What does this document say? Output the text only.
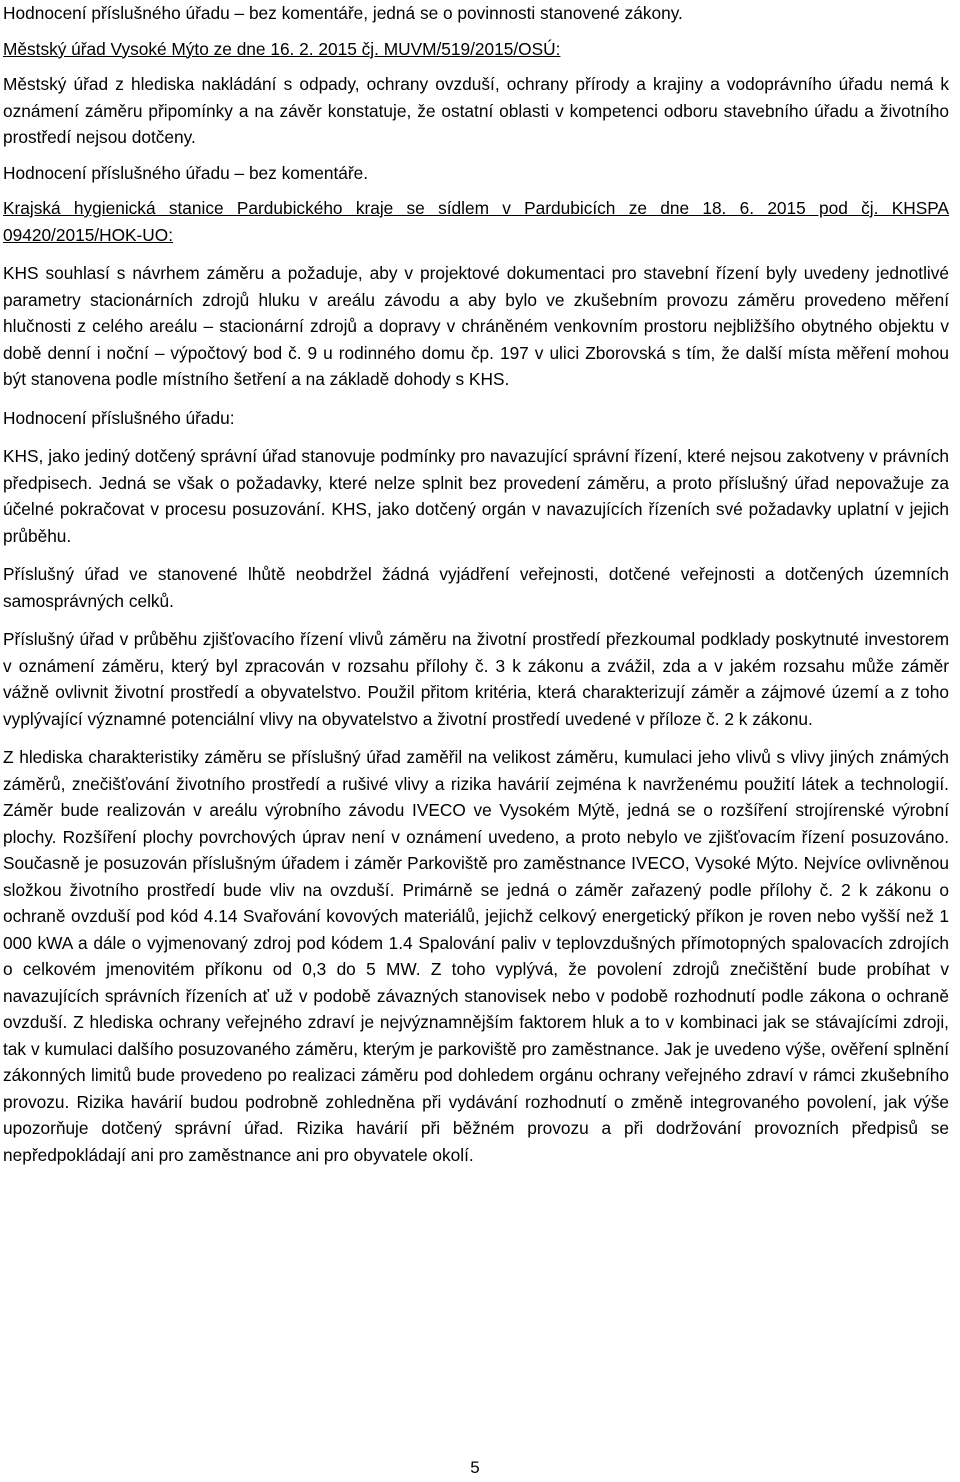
Hodnocení příslušného úřadu – bez komentáře, jedná se o povinnosti stanovené zákony.

Městský úřad Vysoké Mýto ze dne 16. 2. 2015 čj. MUVM/519/2015/OSÚ:

Městský úřad z hlediska nakládání s odpady, ochrany ovzduší, ochrany přírody a krajiny a vodoprávního úřadu nemá k oznámení záměru připomínky a na závěr konstatuje, že ostatní oblasti v kompetenci odboru stavebního úřadu a životního prostředí nejsou dotčeny.

Hodnocení příslušného úřadu – bez komentáře.

Krajská hygienická stanice Pardubického kraje se sídlem v Pardubicích ze dne 18. 6. 2015 pod čj. KHSPA 09420/2015/HOK-UO:

KHS souhlasí s návrhem záměru a požaduje, aby v projektové dokumentaci pro stavební řízení byly uvedeny jednotlivé parametry stacionárních zdrojů hluku v areálu závodu a aby bylo ve zkušebním provozu záměru provedeno měření hlučnosti z celého areálu – stacionární zdrojů a dopravy v chráněném venkovním prostoru nejbližšího obytného objektu v době denní i noční – výpočtový bod č. 9 u rodinného domu čp. 197 v ulici Zborovská s tím, že další místa měření mohou být stanovena podle místního šetření a na základě dohody s KHS.

Hodnocení příslušného úřadu:

KHS, jako jediný dotčený správní úřad stanovuje podmínky pro navazující správní řízení, které nejsou zakotveny v právních předpisech. Jedná se však o požadavky, které nelze splnit bez provedení záměru, a proto příslušný úřad nepovažuje za účelné pokračovat v procesu posuzování. KHS, jako dotčený orgán v navazujících řízeních své požadavky uplatní v jejich průběhu.

Příslušný úřad ve stanovené lhůtě neobdržel žádná vyjádření veřejnosti, dotčené veřejnosti a dotčených územních samosprávných celků.

Příslušný úřad v průběhu zjišťovacího řízení vlivů záměru na životní prostředí přezkoumal podklady poskytnuté investorem v oznámení záměru, který byl zpracován v rozsahu přílohy č. 3 k zákonu a zvážil, zda a v jakém rozsahu může záměr vážně ovlivnit životní prostředí a obyvatelstvo. Použil přitom kritéria, která charakterizují záměr a zájmové území a z toho vyplývající významné potenciální vlivy na obyvatelstvo a životní prostředí uvedené v příloze č. 2 k zákonu.

Z hlediska charakteristiky záměru se příslušný úřad zaměřil na velikost záměru, kumulaci jeho vlivů s vlivy jiných známých záměrů, znečišťování životního prostředí a rušivé vlivy a rizika havárií zejména k navrženému použití látek a technologií. Záměr bude realizován v areálu výrobního závodu IVECO ve Vysokém Mýtě, jedná se o rozšíření strojírenské výrobní plochy. Rozšíření plochy povrchových úprav není v oznámení uvedeno, a proto nebylo ve zjišťovacím řízení posuzováno. Současně je posuzován příslušným úřadem i záměr Parkoviště pro zaměstnance IVECO, Vysoké Mýto. Nejvíce ovlivněnou složkou životního prostředí bude vliv na ovzduší. Primárně se jedná o záměr zařazený podle přílohy č. 2 k zákonu o ochraně ovzduší pod kód 4.14 Svařování kovových materiálů, jejichž celkový energetický příkon je roven nebo vyšší než 1 000 kWA a dále o vyjmenovaný zdroj pod kódem 1.4 Spalování paliv v teplovzdušných přímotopných spalovacích zdrojích o celkovém jmenovitém příkonu od 0,3 do 5 MW. Z toho vyplývá, že povolení zdrojů znečištění bude probíhat v navazujících správních řízeních ať už v podobě závazných stanovisek nebo v podobě rozhodnutí podle zákona o ochraně ovzduší. Z hlediska ochrany veřejného zdraví je nejvýznamnějším faktorem hluk a to v kombinaci jak se stávajícími zdroji, tak v kumulaci dalšího posuzovaného záměru, kterým je parkoviště pro zaměstnance. Jak je uvedeno výše, ověření splnění zákonných limitů bude provedeno po realizaci záměru pod dohledem orgánu ochrany veřejného zdraví v rámci zkušebního provozu. Rizika havárií budou podrobně zohledněna při vydávání rozhodnutí o změně integrovaného povolení, jak výše upozorňuje dotčený správní úřad. Rizika havárií při běžném provozu a při dodržování provozních předpisů se nepředpokládají ani pro zaměstnance ani pro obyvatele okolí.

5
